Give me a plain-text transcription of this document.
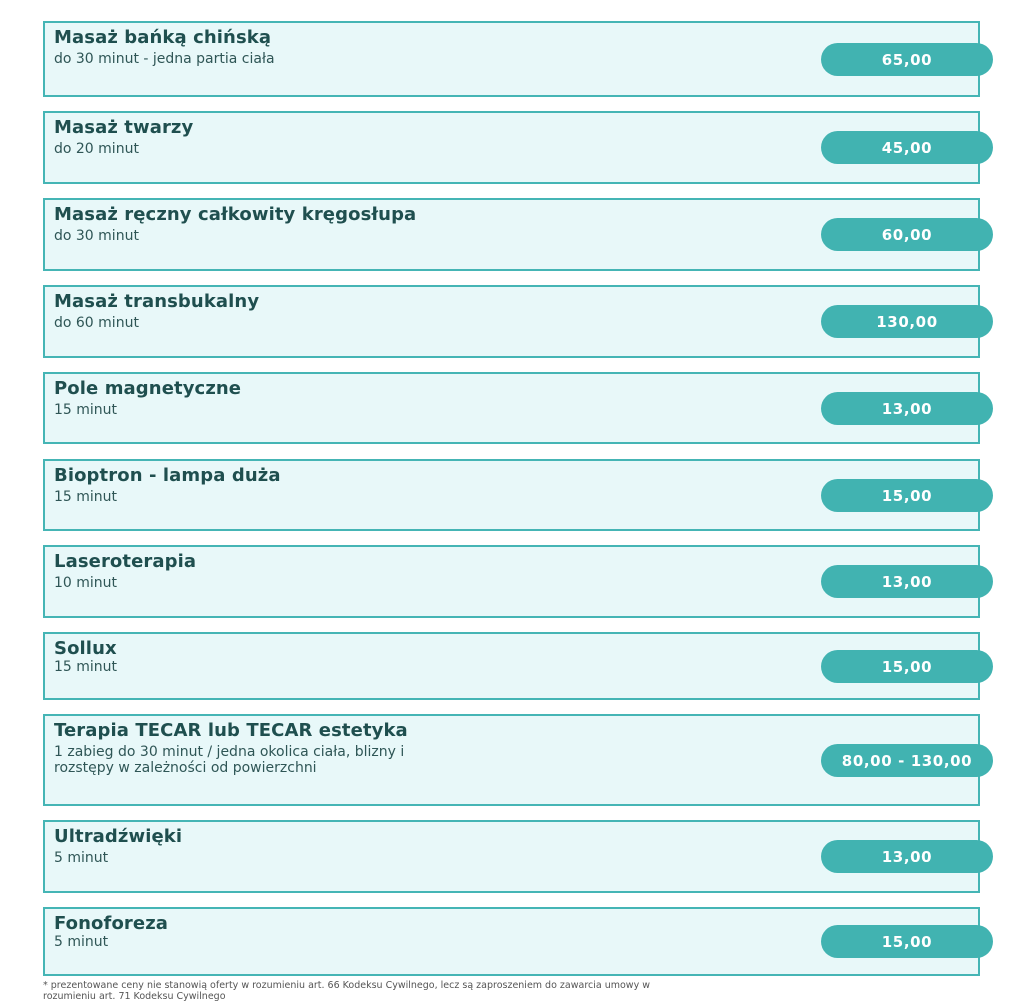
Masaż bańką chińską
do 30 minut - jedna partia ciała	65,00
Masaż twarzy
do 20 minut	45,00
Masaż ręczny całkowity kręgosłupa
do 30 minut	60,00
Masaż transbukalny
do 60 minut	130,00
Pole magnetyczne
15 minut	13,00
Bioptron - lampa duża
15 minut	15,00
Laseroterapia
10 minut	13,00
Sollux
15 minut	15,00
Terapia TECAR lub TECAR estetyka
1 zabieg do 30 minut / jedna okolica ciała, blizny i
rozstępy w zależności od powierzchni	80,00 - 130,00
Ultradźwięki
5 minut	13,00
Fonoforeza
5 minut	15,00
* prezentowane ceny nie stanowią oferty w rozumieniu art. 66 Kodeksu Cywilnego, lecz są zaproszeniem do zawarcia umowy w rozumieniu art. 71 Kodeksu Cywilnego
